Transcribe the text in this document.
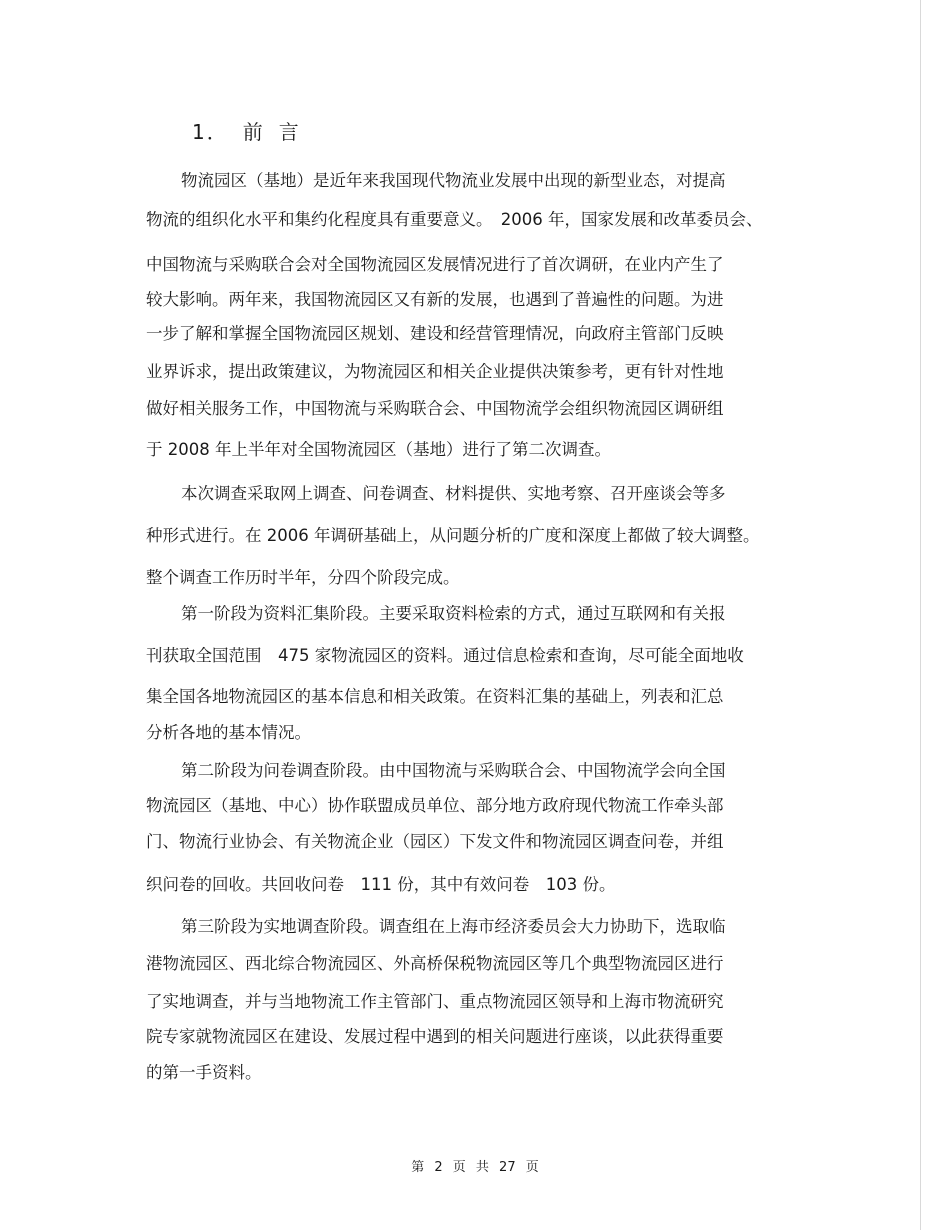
1． 前 言
物流园区（基地）是近年来我国现代物流业发展中出现的新型业态，对提高
物流的组织化水平和集约化程度具有重要意义。　2006 年，国家发展和改革委员会、
中国物流与采购联合会对全国物流园区发展情况进行了首次调研，在业内产生了
较大影响。两年来，我国物流园区又有新的发展，也遇到了普遍性的问题。为进
一步了解和掌握全国物流园区规划、建设和经营管理情况，向政府主管部门反映
业界诉求，提出政策建议，为物流园区和相关企业提供决策参考，更有针对性地
做好相关服务工作，中国物流与采购联合会、中国物流学会组织物流园区调研组
于 2008 年上半年对全国物流园区（基地）进行了第二次调查。
本次调查采取网上调查、问卷调查、材料提供、实地考察、召开座谈会等多
种形式进行。在 2006 年调研基础上，从问题分析的广度和深度上都做了较大调整。
整个调查工作历时半年，分四个阶段完成。
第一阶段为资料汇集阶段。主要采取资料检索的方式，通过互联网和有关报
刊获取全国范围　475 家物流园区的资料。通过信息检索和查询，尽可能全面地收
集全国各地物流园区的基本信息和相关政策。在资料汇集的基础上，列表和汇总
分析各地的基本情况。
第二阶段为问卷调查阶段。由中国物流与采购联合会、中国物流学会向全国
物流园区（基地、中心）协作联盟成员单位、部分地方政府现代物流工作牵头部
门、物流行业协会、有关物流企业（园区）下发文件和物流园区调查问卷，并组
织问卷的回收。共回收问卷　111 份，其中有效问卷　103 份。
第三阶段为实地调查阶段。调查组在上海市经济委员会大力协助下，选取临
港物流园区、西北综合物流园区、外高桥保税物流园区等几个典型物流园区进行
了实地调查，并与当地物流工作主管部门、重点物流园区领导和上海市物流研究
院专家就物流园区在建设、发展过程中遇到的相关问题进行座谈，以此获得重要
的第一手资料。
第 2 页 共 27 页
